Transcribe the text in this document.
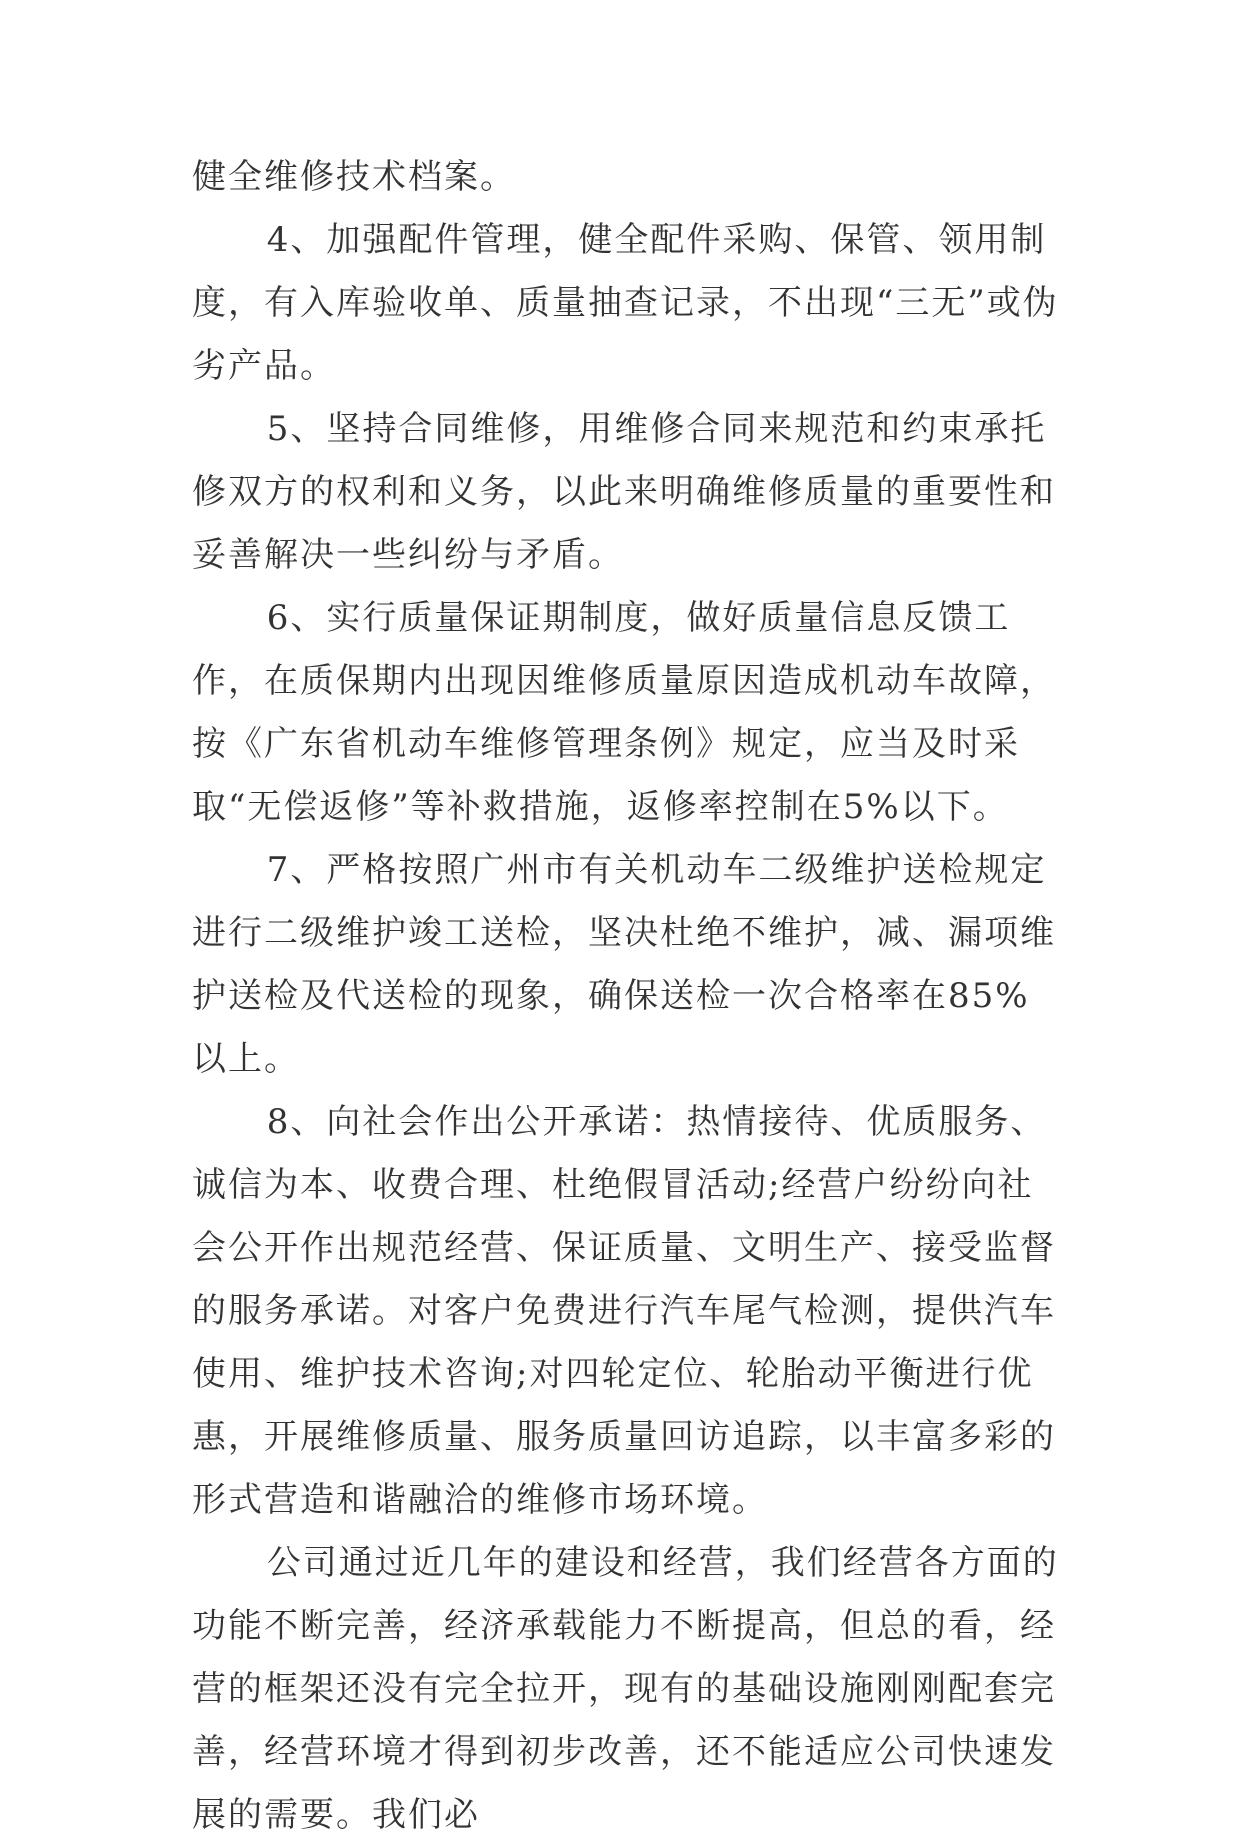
健全维修技术档案。

4、加强配件管理，健全配件采购、保管、领用制度，有入库验收单、质量抽查记录，不出现“三无”或伪劣产品。

5、坚持合同维修，用维修合同来规范和约束承托修双方的权利和义务，以此来明确维修质量的重要性和妥善解决一些纠纷与矛盾。

6、实行质量保证期制度，做好质量信息反馈工作，在质保期内出现因维修质量原因造成机动车故障，按《广东省机动车维修管理条例》规定，应当及时采取“无偿返修”等补救措施，返修率控制在5%以下。

7、严格按照广州市有关机动车二级维护送检规定进行二级维护竣工送检，坚决杜绝不维护，减、漏项维护送检及代送检的现象，确保送检一次合格率在85%以上。

8、向社会作出公开承诺：热情接待、优质服务、诚信为本、收费合理、杜绝假冒活动;经营户纷纷向社会公开作出规范经营、保证质量、文明生产、接受监督的服务承诺。对客户免费进行汽车尾气检测，提供汽车使用、维护技术咨询;对四轮定位、轮胎动平衡进行优惠，开展维修质量、服务质量回访追踪，以丰富多彩的形式营造和谐融洽的维修市场环境。

公司通过近几年的建设和经营，我们经营各方面的功能不断完善，经济承载能力不断提高，但总的看，经营的框架还没有完全拉开，现有的基础设施刚刚配套完善，经营环境才得到初步改善，还不能适应公司快速发展的需要。我们必
